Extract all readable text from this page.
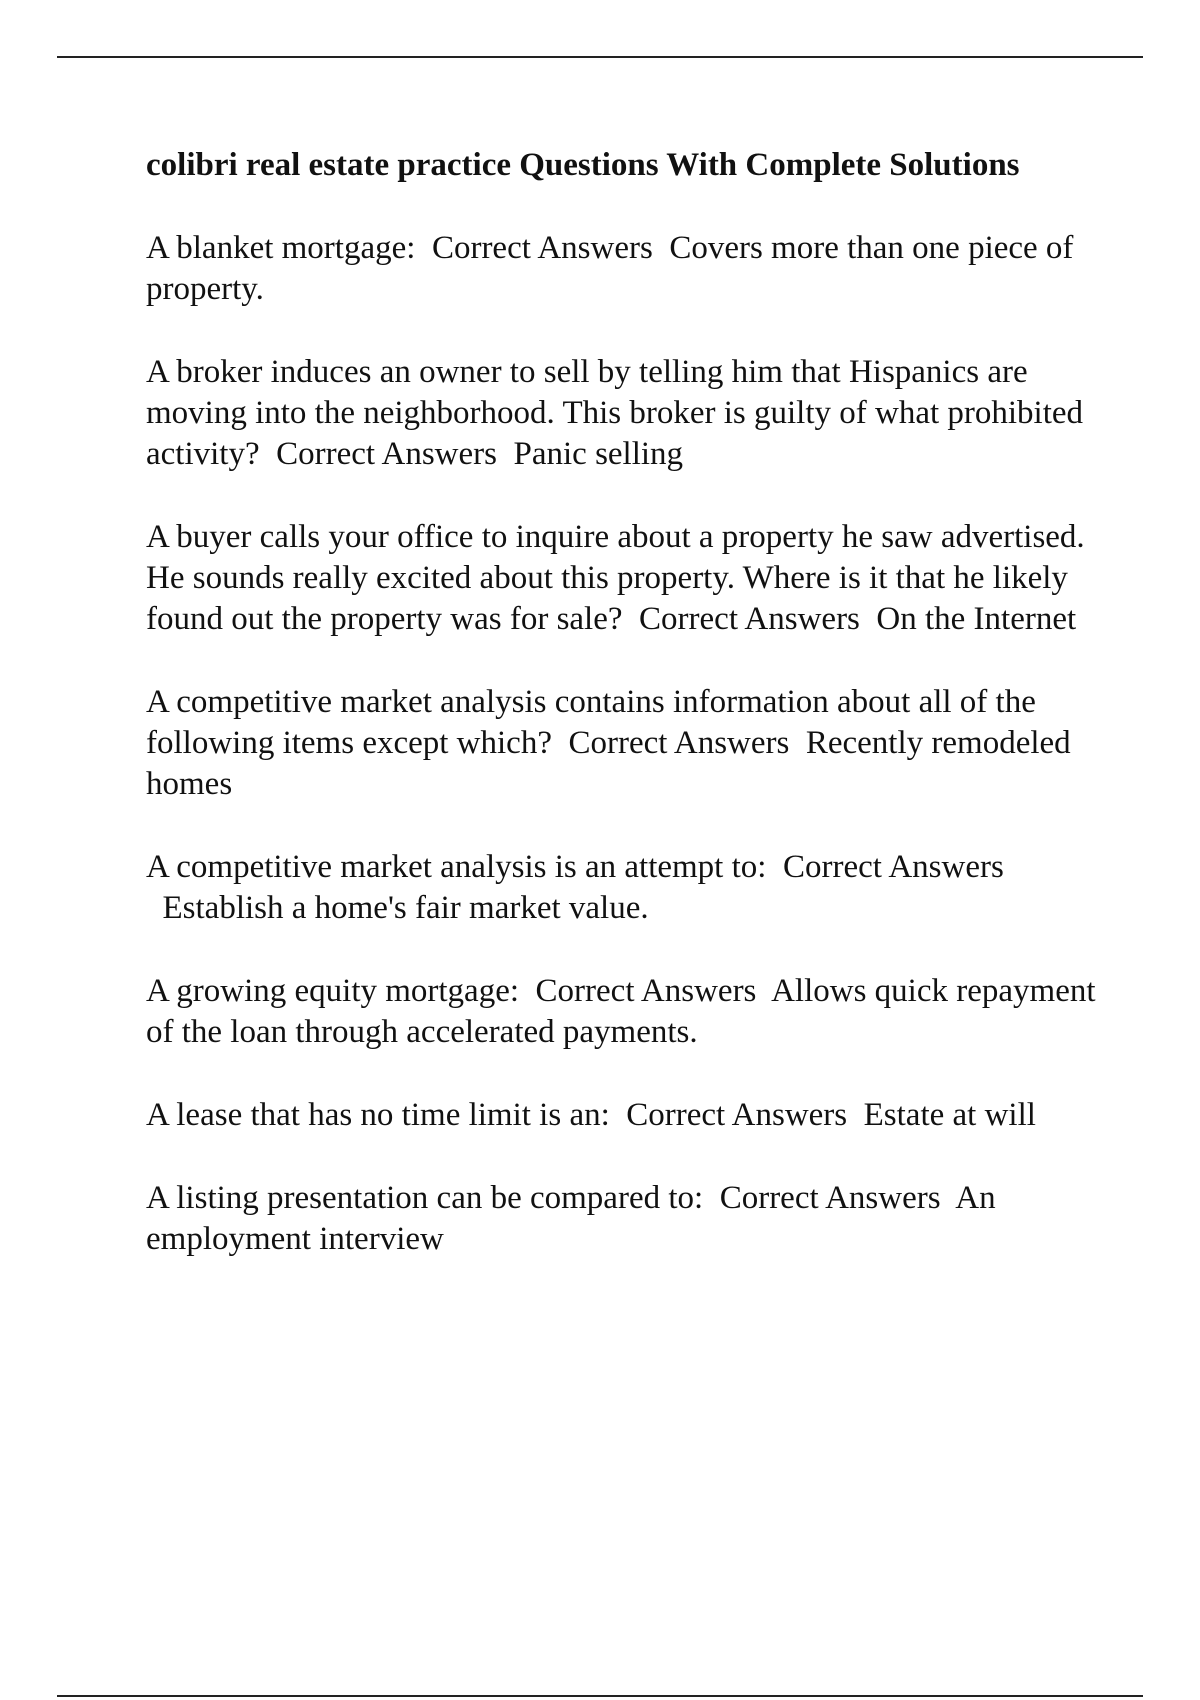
colibri real estate practice Questions With Complete Solutions
A blanket mortgage: Correct Answers Covers more than one piece of property.
A broker induces an owner to sell by telling him that Hispanics are moving into the neighborhood. This broker is guilty of what prohibited activity? Correct Answers Panic selling
A buyer calls your office to inquire about a property he saw advertised. He sounds really excited about this property. Where is it that he likely found out the property was for sale? Correct Answers On the Internet
A competitive market analysis contains information about all of the following items except which? Correct Answers Recently remodeled homes
A competitive market analysis is an attempt to: Correct Answers  Establish a home's fair market value.
A growing equity mortgage: Correct Answers Allows quick repayment of the loan through accelerated payments.
A lease that has no time limit is an: Correct Answers Estate at will
A listing presentation can be compared to: Correct Answers An employment interview
